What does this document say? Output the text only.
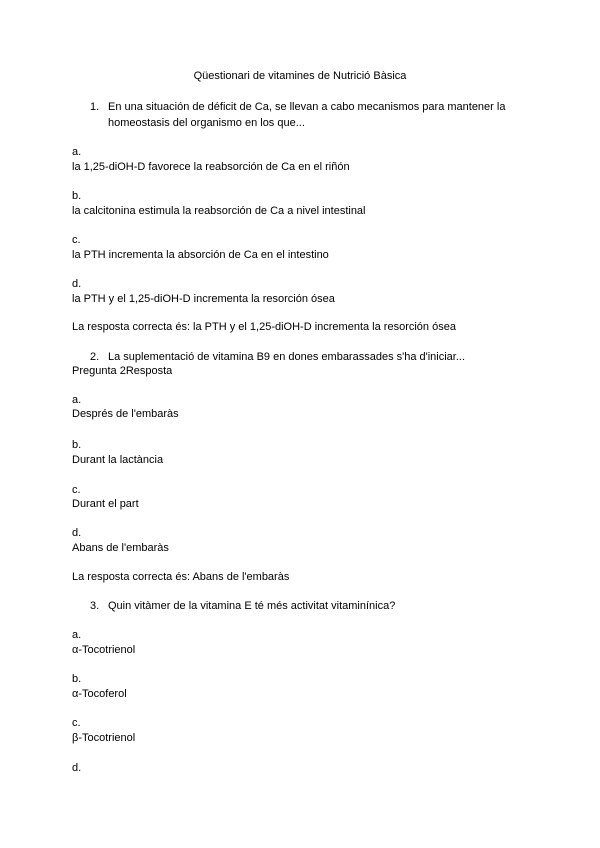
Qüestionari de vitamines de Nutrició Bàsica
1. En una situación de déficit de Ca, se llevan a cabo mecanismos para mantener la
homeostasis del organismo en los que...
a.
la 1,25-diOH-D favorece la reabsorción de Ca en el riñón
b.
la calcitonina estimula la reabsorción de Ca a nivel intestinal
c.
la PTH incrementa la absorción de Ca en el intestino
d.
la PTH y el 1,25-diOH-D incrementa la resorción ósea
La resposta correcta és: la PTH y el 1,25-diOH-D incrementa la resorción ósea
2. La suplementació de vitamina B9 en dones embarassades s'ha d'iniciar...
Pregunta 2Resposta
a.
Després de l'embaràs
b.
Durant la lactància
c.
Durant el part
d.
Abans de l'embaràs
La resposta correcta és: Abans de l'embaràs
3. Quin vitàmer de la vitamina E té més activitat vitaminínica?
a.
α-Tocotrienol
b.
α-Tocoferol
c.
β-Tocotrienol
d.
